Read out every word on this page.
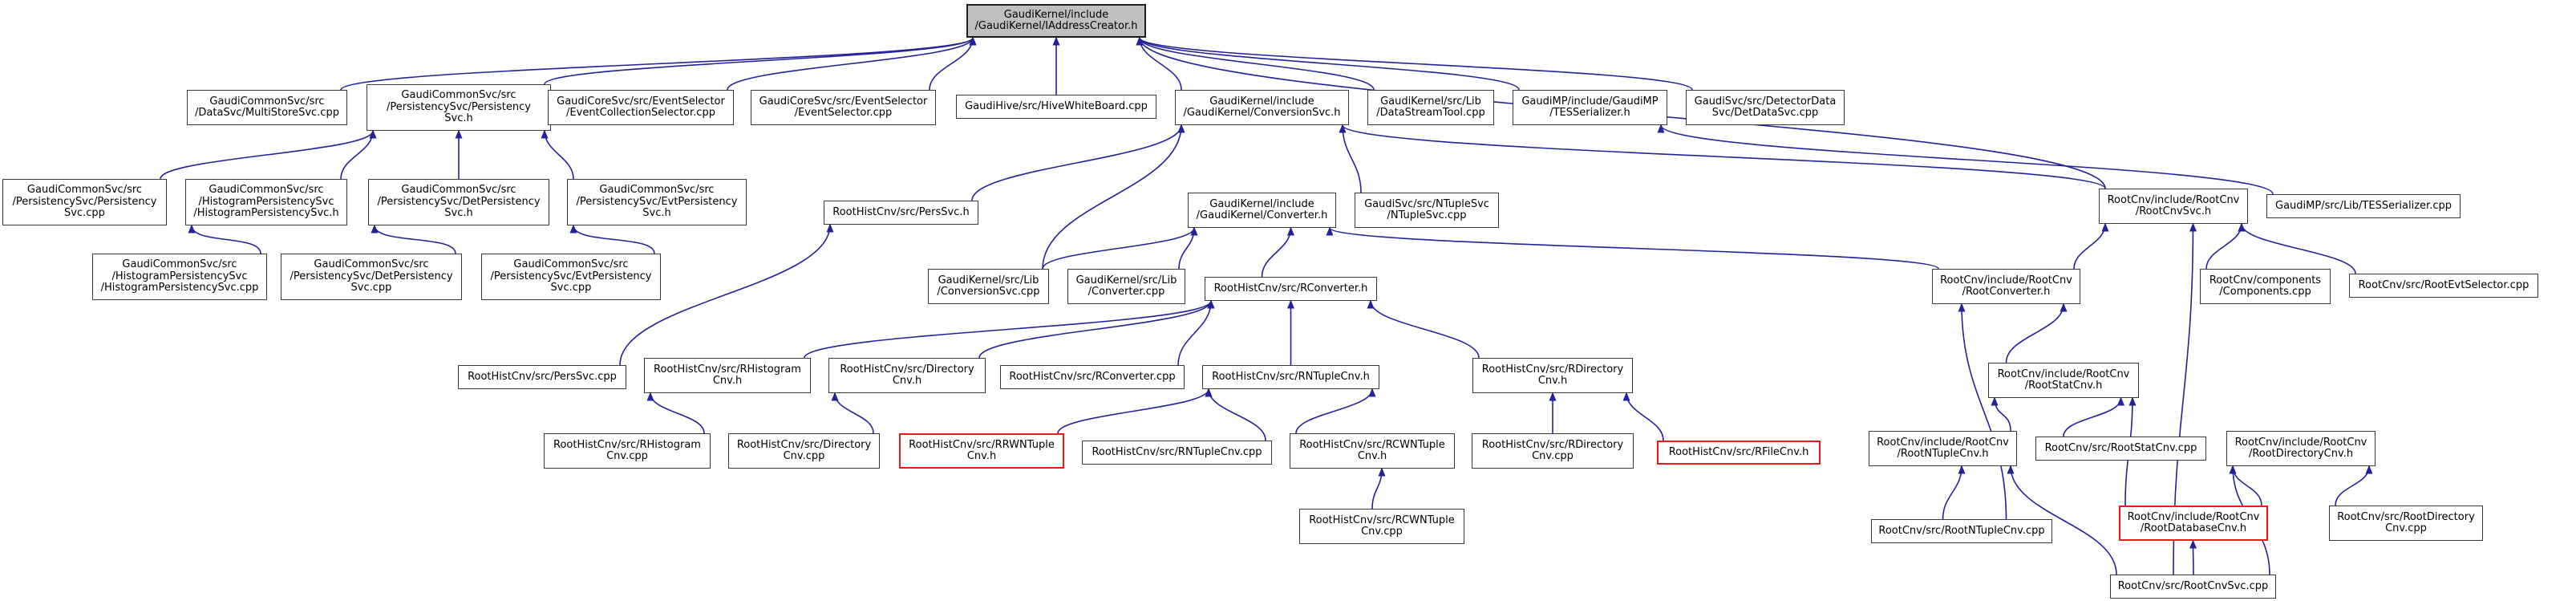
GaudiKernel/include
/GaudiKernel/IAddressCreator.h
GaudiCommonSvc/src
/DataSvc/MultiStoreSvc.cpp
GaudiCommonSvc/src
/PersistencySvc/Persistency
Svc.h
GaudiCoreSvc/src/EventSelector
/EventCollectionSelector.cpp
GaudiCoreSvc/src/EventSelector
/EventSelector.cpp
GaudiHive/src/HiveWhiteBoard.cpp	GaudiKernel/include
/GaudiKernel/ConversionSvc.h
GaudiKernel/src/Lib
/DataStreamTool.cpp
GaudiMP/include/GaudiMP
/TESSerializer.h
GaudiSvc/src/DetectorData
Svc/DetDataSvc.cpp
RootCnv/include/RootCnv
/RootCnvSvc.h	GaudiMP/src/Lib/TESSerializer.cpp
GaudiCommonSvc/src
/PersistencySvc/Persistency
Svc.cpp
GaudiCommonSvc/src
/HistogramPersistencySvc
/HistogramPersistencySvc.h
GaudiCommonSvc/src
/PersistencySvc/DetPersistency
Svc.h
GaudiCommonSvc/src
/PersistencySvc/EvtPersistency
Svc.h	RootHistCnv/src/PersSvc.h
GaudiKernel/include
/GaudiKernel/Converter.h
GaudiSvc/src/NTupleSvc
/NTupleSvc.cpp
GaudiCommonSvc/src
/HistogramPersistencySvc
/HistogramPersistencySvc.cpp
GaudiCommonSvc/src
/PersistencySvc/DetPersistency
Svc.cpp
GaudiCommonSvc/src
/PersistencySvc/EvtPersistency
Svc.cpp
GaudiKernel/src/Lib
/ConversionSvc.cpp
GaudiKernel/src/Lib
/Converter.cpp	RootHistCnv/src/RConverter.h
RootCnv/include/RootCnv
/RootConverter.h
RootCnv/components
/Components.cpp
RootCnv/src/RootEvtSelector.cpp
RootHistCnv/src/PersSvc.cpp
RootHistCnv/src/RHistogram
Cnv.h
RootHistCnv/src/Directory
Cnv.h	RootHistCnv/src/RConverter.cpp	RootHistCnv/src/RNTupleCnv.h
RootHistCnv/src/RDirectory
Cnv.h
RootCnv/include/RootCnv
/RootStatCnv.h
RootHistCnv/src/RHistogram
Cnv.cpp
RootHistCnv/src/Directory
Cnv.cpp
RootHistCnv/src/RRWNTuple
Cnv.h	RootHistCnv/src/RNTupleCnv.cpp
RootHistCnv/src/RCWNTuple
Cnv.h
RootHistCnv/src/RDirectory
Cnv.cpp	RootHistCnv/src/RFileCnv.h
RootCnv/include/RootCnv
/RootNTupleCnv.h	RootCnv/src/RootStatCnv.cpp	RootCnv/include/RootCnv
/RootDirectoryCnv.h
RootHistCnv/src/RCWNTuple
Cnv.cpp	RootCnv/src/RootNTupleCnv.cpp
RootCnv/include/RootCnv
/RootDatabaseCnv.h
RootCnv/src/RootDirectory
Cnv.cpp
RootCnv/src/RootCnvSvc.cpp
